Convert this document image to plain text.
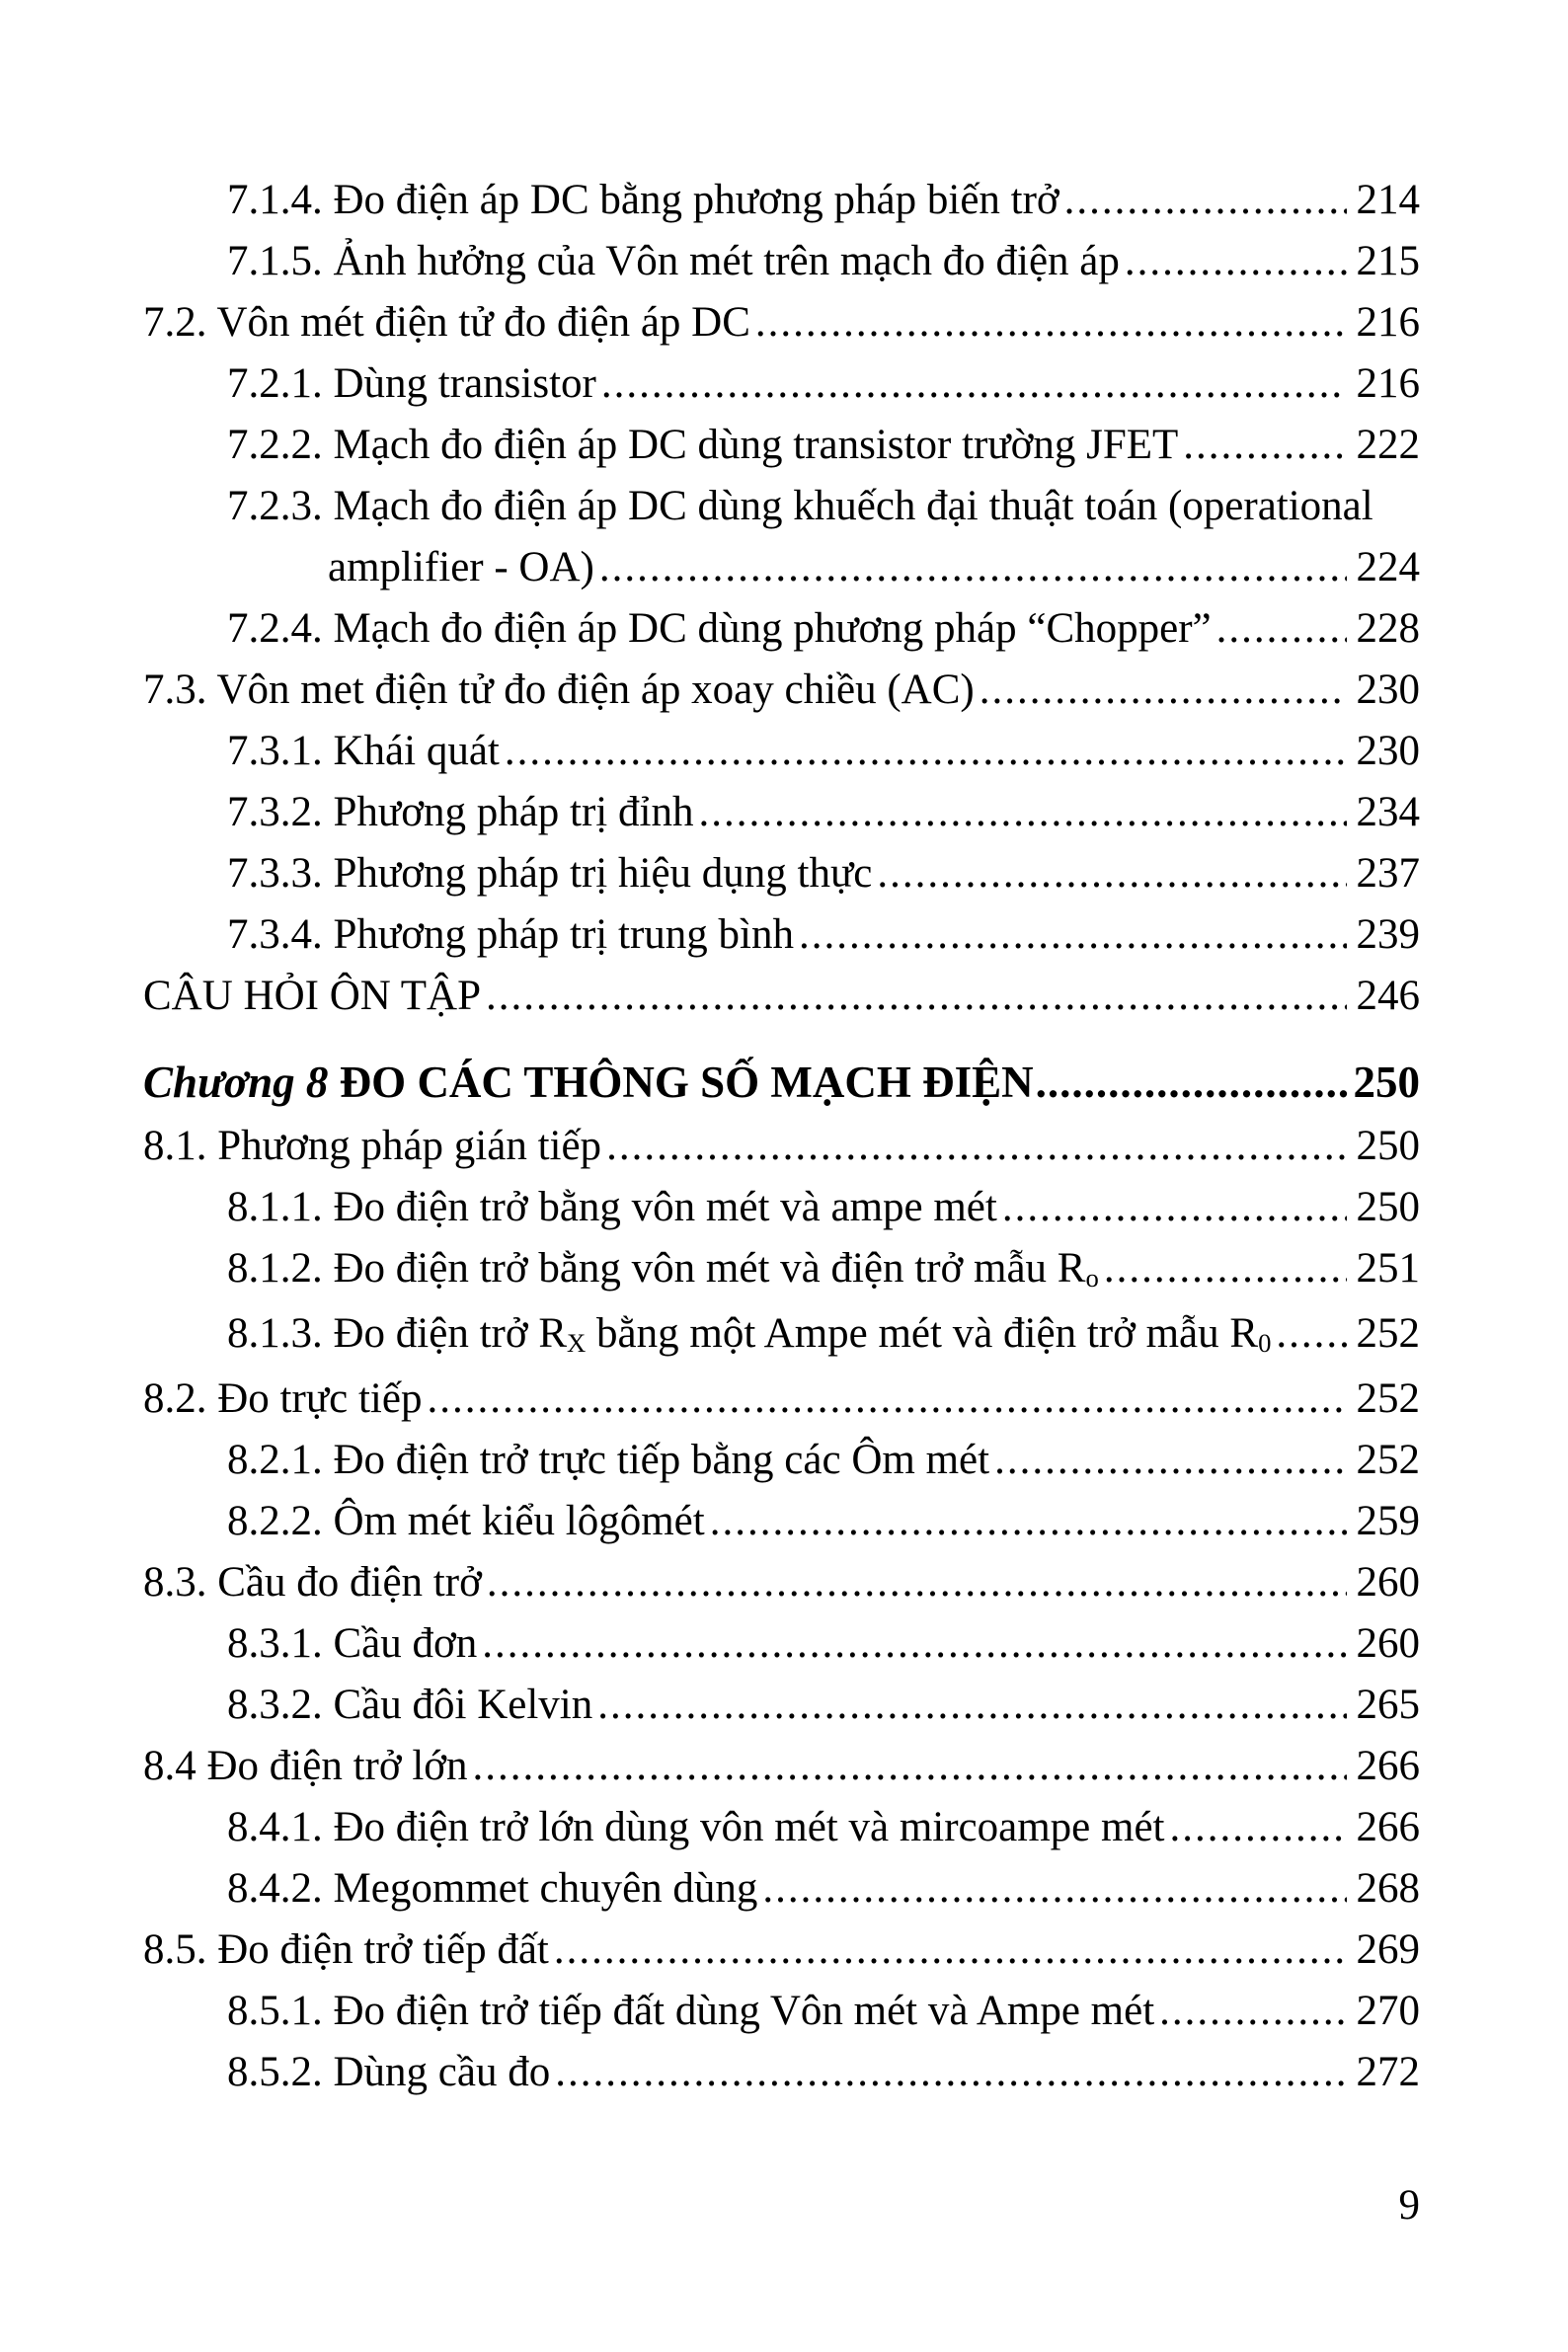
7.1.4. Đo điện áp DC bằng phương pháp biến trở .....	214
7.1.5. Ảnh hưởng của Vôn mét trên mạch đo điện áp .....	215
7.2. Vôn mét điện tử đo điện áp DC .....	216
7.2.1. Dùng transistor .....	216
7.2.2. Mạch đo điện áp DC dùng transistor trường JFET .....	222
7.2.3. Mạch đo điện áp DC dùng khuếch đại thuật toán (operational
amplifier - OA) .....	224
7.2.4. Mạch đo điện áp DC dùng phương pháp “Chopper” .....	228
7.3. Vôn met điện tử đo điện áp xoay chiều (AC) .....	230
7.3.1. Khái quát .....	230
7.3.2. Phương pháp trị đỉnh .....	234
7.3.3. Phương pháp trị hiệu dụng thực .....	237
7.3.4. Phương pháp trị trung bình .....	239
CÂU HỎI ÔN TẬP .....	246
Chương 8 ĐO CÁC THÔNG SỐ MẠCH ĐIỆN .....	250
8.1. Phương pháp gián tiếp .....	250
8.1.1. Đo điện trở bằng vôn mét và ampe mét .....	250
8.1.2. Đo điện trở bằng vôn mét và điện trở mẫu Ro .....	251
8.1.3. Đo điện trở RX bằng một Ampe mét và điện trở mẫu R0 ..... 252
8.2. Đo trực tiếp .....	252
8.2.1. Đo điện trở trực tiếp bằng các Ôm mét .....	252
8.2.2. Ôm mét kiểu lôgômét .....	259
8.3. Cầu đo điện trở .....	260
8.3.1. Cầu đơn .....	260
8.3.2. Cầu đôi Kelvin .....	265
8.4 Đo điện trở lớn .....	266
8.4.1. Đo điện trở lớn dùng vôn mét và mircoampe mét .....	266
8.4.2. Megommet chuyên dùng .....	268
8.5. Đo điện trở tiếp đất .....	269
8.5.1. Đo điện trở tiếp đất dùng Vôn mét và Ampe mét .....	270
8.5.2. Dùng cầu đo .....	272
9
